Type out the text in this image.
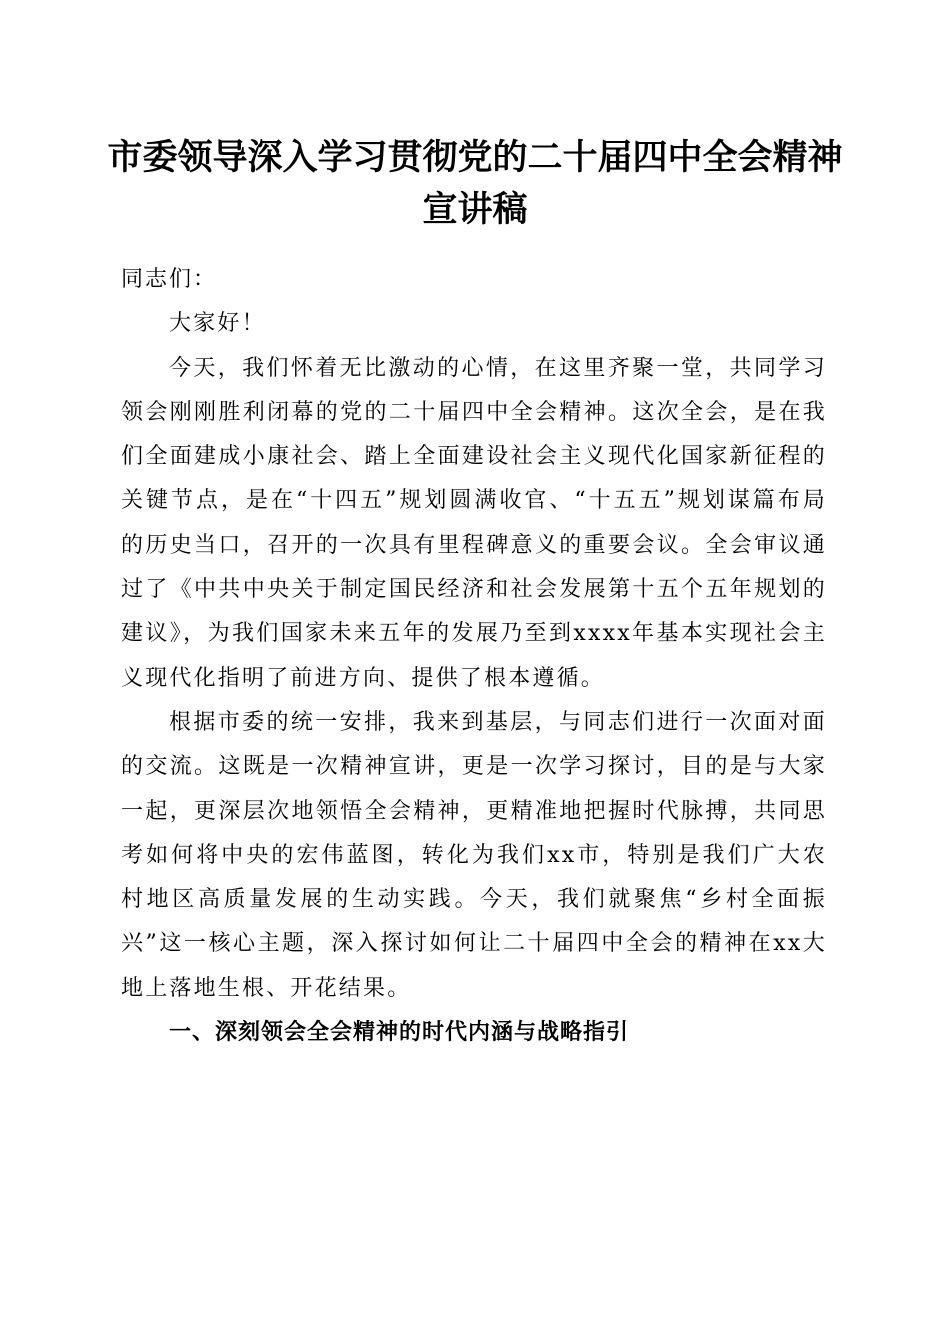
市委领导深入学习贯彻党的二十届四中全会精神宣讲稿

同志们：

大家好！

今天，我们怀着无比激动的心情，在这里齐聚一堂，共同学习领会刚刚胜利闭幕的党的二十届四中全会精神。这次全会，是在我们全面建成小康社会、踏上全面建设社会主义现代化国家新征程的关键节点，是在“十四五”规划圆满收官、“十五五”规划谋篇布局的历史当口，召开的一次具有里程碑意义的重要会议。全会审议通过了《中共中央关于制定国民经济和社会发展第十五个五年规划的建议》，为我们国家未来五年的发展乃至到xxxx年基本实现社会主义现代化指明了前进方向、提供了根本遵循。

根据市委的统一安排，我来到基层，与同志们进行一次面对面的交流。这既是一次精神宣讲，更是一次学习探讨，目的是与大家一起，更深层次地领悟全会精神，更精准地把握时代脉搏，共同思考如何将中央的宏伟蓝图，转化为我们xx市，特别是我们广大农村地区高质量发展的生动实践。今天，我们就聚焦“乡村全面振兴”这一核心主题，深入探讨如何让二十届四中全会的精神在xx大地上落地生根、开花结果。

一、深刻领会全会精神的时代内涵与战略指引
